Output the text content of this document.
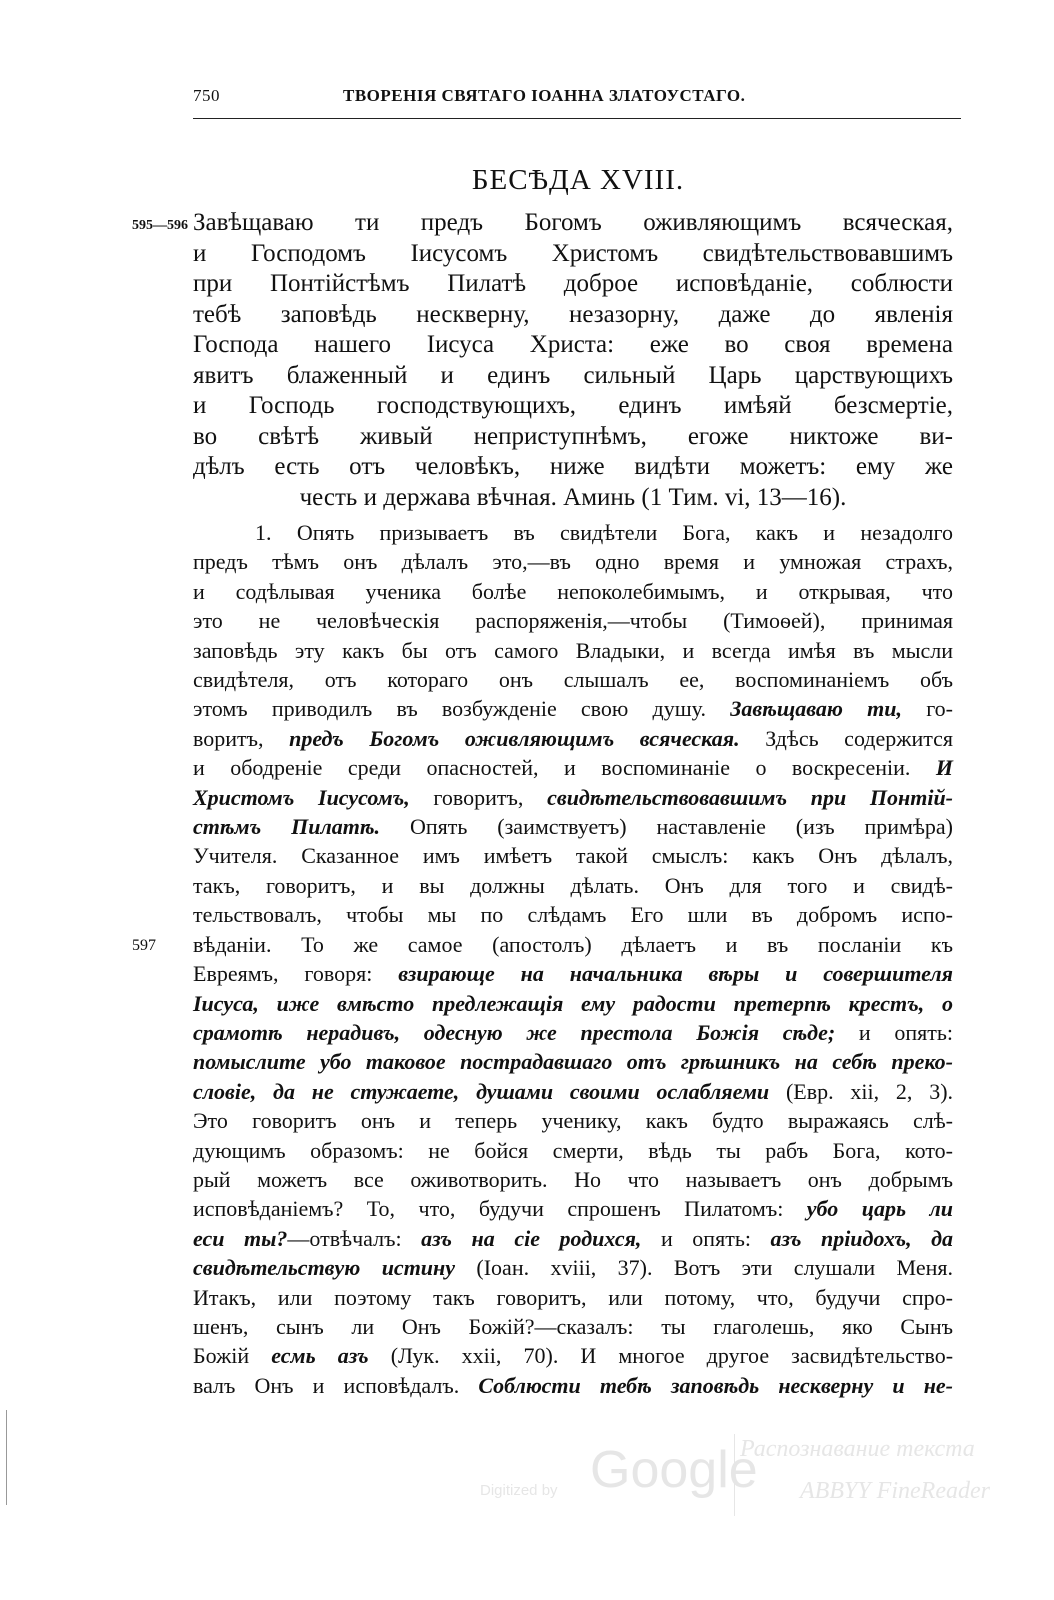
750	ТВОРЕНІЯ СВЯТАГО ІОАННА ЗЛАТОУСТАГО.
БЕСѢДА XVIII.
595—596
597
Завѣщаваю ти предъ Богомъ оживляющимъ всяческая,
и Господомъ Іисусомъ Христомъ свидѣтельствовавшимъ
при Понтійстѣмъ Пилатѣ доброе исповѣданіе, соблюсти
тебѣ заповѣдь нескверну, незазорну, даже до явленія
Господа нашего Іисуса Христа: еже во своя времена
явитъ блаженный и единъ сильный Царь царствующихъ
и Господь господствующихъ, единъ имѣяй безсмертіе,
во свѣтѣ живый неприступнѣмъ, егоже никтоже ви-
дѣлъ есть отъ человѣкъ, ниже видѣти можетъ: ему же
честь и держава вѣчная. Аминь (1 Тим. vi, 13—16).
1. Опять призываетъ въ свидѣтели Бога, какъ и незадолго
предъ тѣмъ онъ дѣлалъ это,—въ одно время и умножая страхъ,
и содѣлывая ученика болѣе непоколебимымъ, и открывая, что
это не человѣческія распоряженія,—чтобы (Тимоѳей), принимая
заповѣдь эту какъ бы отъ самого Владыки, и всегда имѣя въ мысли
свидѣтеля, отъ котораго онъ слышалъ ее, воспоминаніемъ объ
этомъ приводилъ въ возбужденіе свою душу. Завѣщаваю ти, го-
воритъ, предъ Богомъ оживляющимъ всяческая. Здѣсь содержится
и ободреніе среди опасностей, и воспоминаніе о воскресеніи. И
Христомъ Іисусомъ, говоритъ, свидѣтельствовавшимъ при Понтій-
стѣмъ Пилатѣ. Опять (заимствуетъ) наставленіе (изъ примѣра)
Учителя. Сказанное имъ имѣетъ такой смыслъ: какъ Онъ дѣлалъ,
такъ, говоритъ, и вы должны дѣлать. Онъ для того и свидѣ-
тельствовалъ, чтобы мы по слѣдамъ Его шли въ добромъ испо-
вѣданіи. То же самое (апостолъ) дѣлаетъ и въ посланіи къ
Евреямъ, говоря: взирающе на начальника вѣры и совершителя
Іисуса, иже вмѣсто предлежащія ему радости претерпѣ крестъ, о
срамотѣ нерадивъ, одесную же престола Божія сѣде; и опять:
помыслите убо таковое пострадавшаго отъ грѣшникъ на себѣ преко-
словіе, да не стужаете, душами своими ослабляеми (Евр. xii, 2, 3).
Это говоритъ онъ и теперь ученику, какъ будто выражаясь слѣ-
дующимъ образомъ: не бойся смерти, вѣдь ты рабъ Бога, кото-
рый можетъ все оживотворить. Но что называетъ онъ добрымъ
исповѣданіемъ? То, что, будучи спрошенъ Пилатомъ: убо царь ли
еси ты?—отвѣчалъ: азъ на сіе родихся, и опять: азъ пріидохъ, да
свидѣтельствую истину (Іоан. xviii, 37). Вотъ эти слушали Меня.
Итакъ, или поэтому такъ говоритъ, или потому, что, будучи спро-
шенъ, сынъ ли Онъ Божій?—сказалъ: ты глаголешь, яко Сынъ
Божій есмь азъ (Лук. xxii, 70). И многое другое засвидѣтельство-
валъ Онъ и исповѣдалъ. Соблюсти тебѣ заповѣдь нескверну и не-
Digitized by Google
Распознавание текста
ABBYY FineReader
